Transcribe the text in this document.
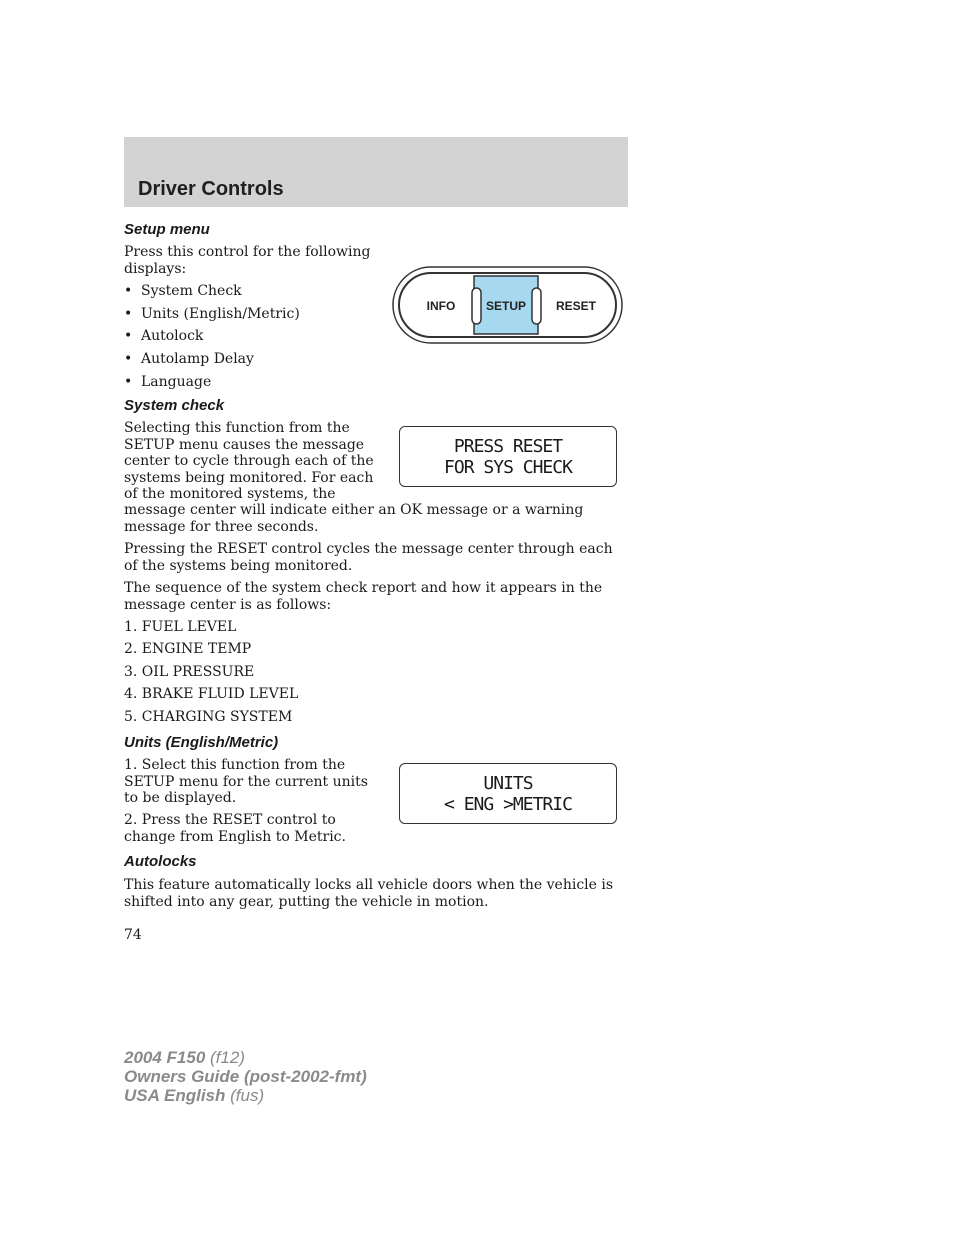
Driver Controls
Setup menu
Press this control for the following displays:
• System Check
• Units (English/Metric)
• Autolock
• Autolamp Delay
• Language
INFO	SETUP RESET
System check
Selecting this function from the SETUP menu causes the message center to cycle through each of the systems being monitored. For each of the monitored systems, the
message center will indicate either an OK message or a warning message for three seconds.
PRESS RESET
FOR SYS CHECK
Pressing the RESET control cycles the message center through each of the systems being monitored.
The sequence of the system check report and how it appears in the message center is as follows:
1. FUEL LEVEL
2. ENGINE TEMP
3. OIL PRESSURE
4. BRAKE FLUID LEVEL
5. CHARGING SYSTEM
Units (English/Metric)
1. Select this function from the SETUP menu for the current units to be displayed.
2. Press the RESET control to change from English to Metric.
UNITS
< ENG >METRIC
Autolocks
This feature automatically locks all vehicle doors when the vehicle is shifted into any gear, putting the vehicle in motion.
74
2004 F150 (f12)
Owners Guide (post-2002-fmt)
USA English (fus)
